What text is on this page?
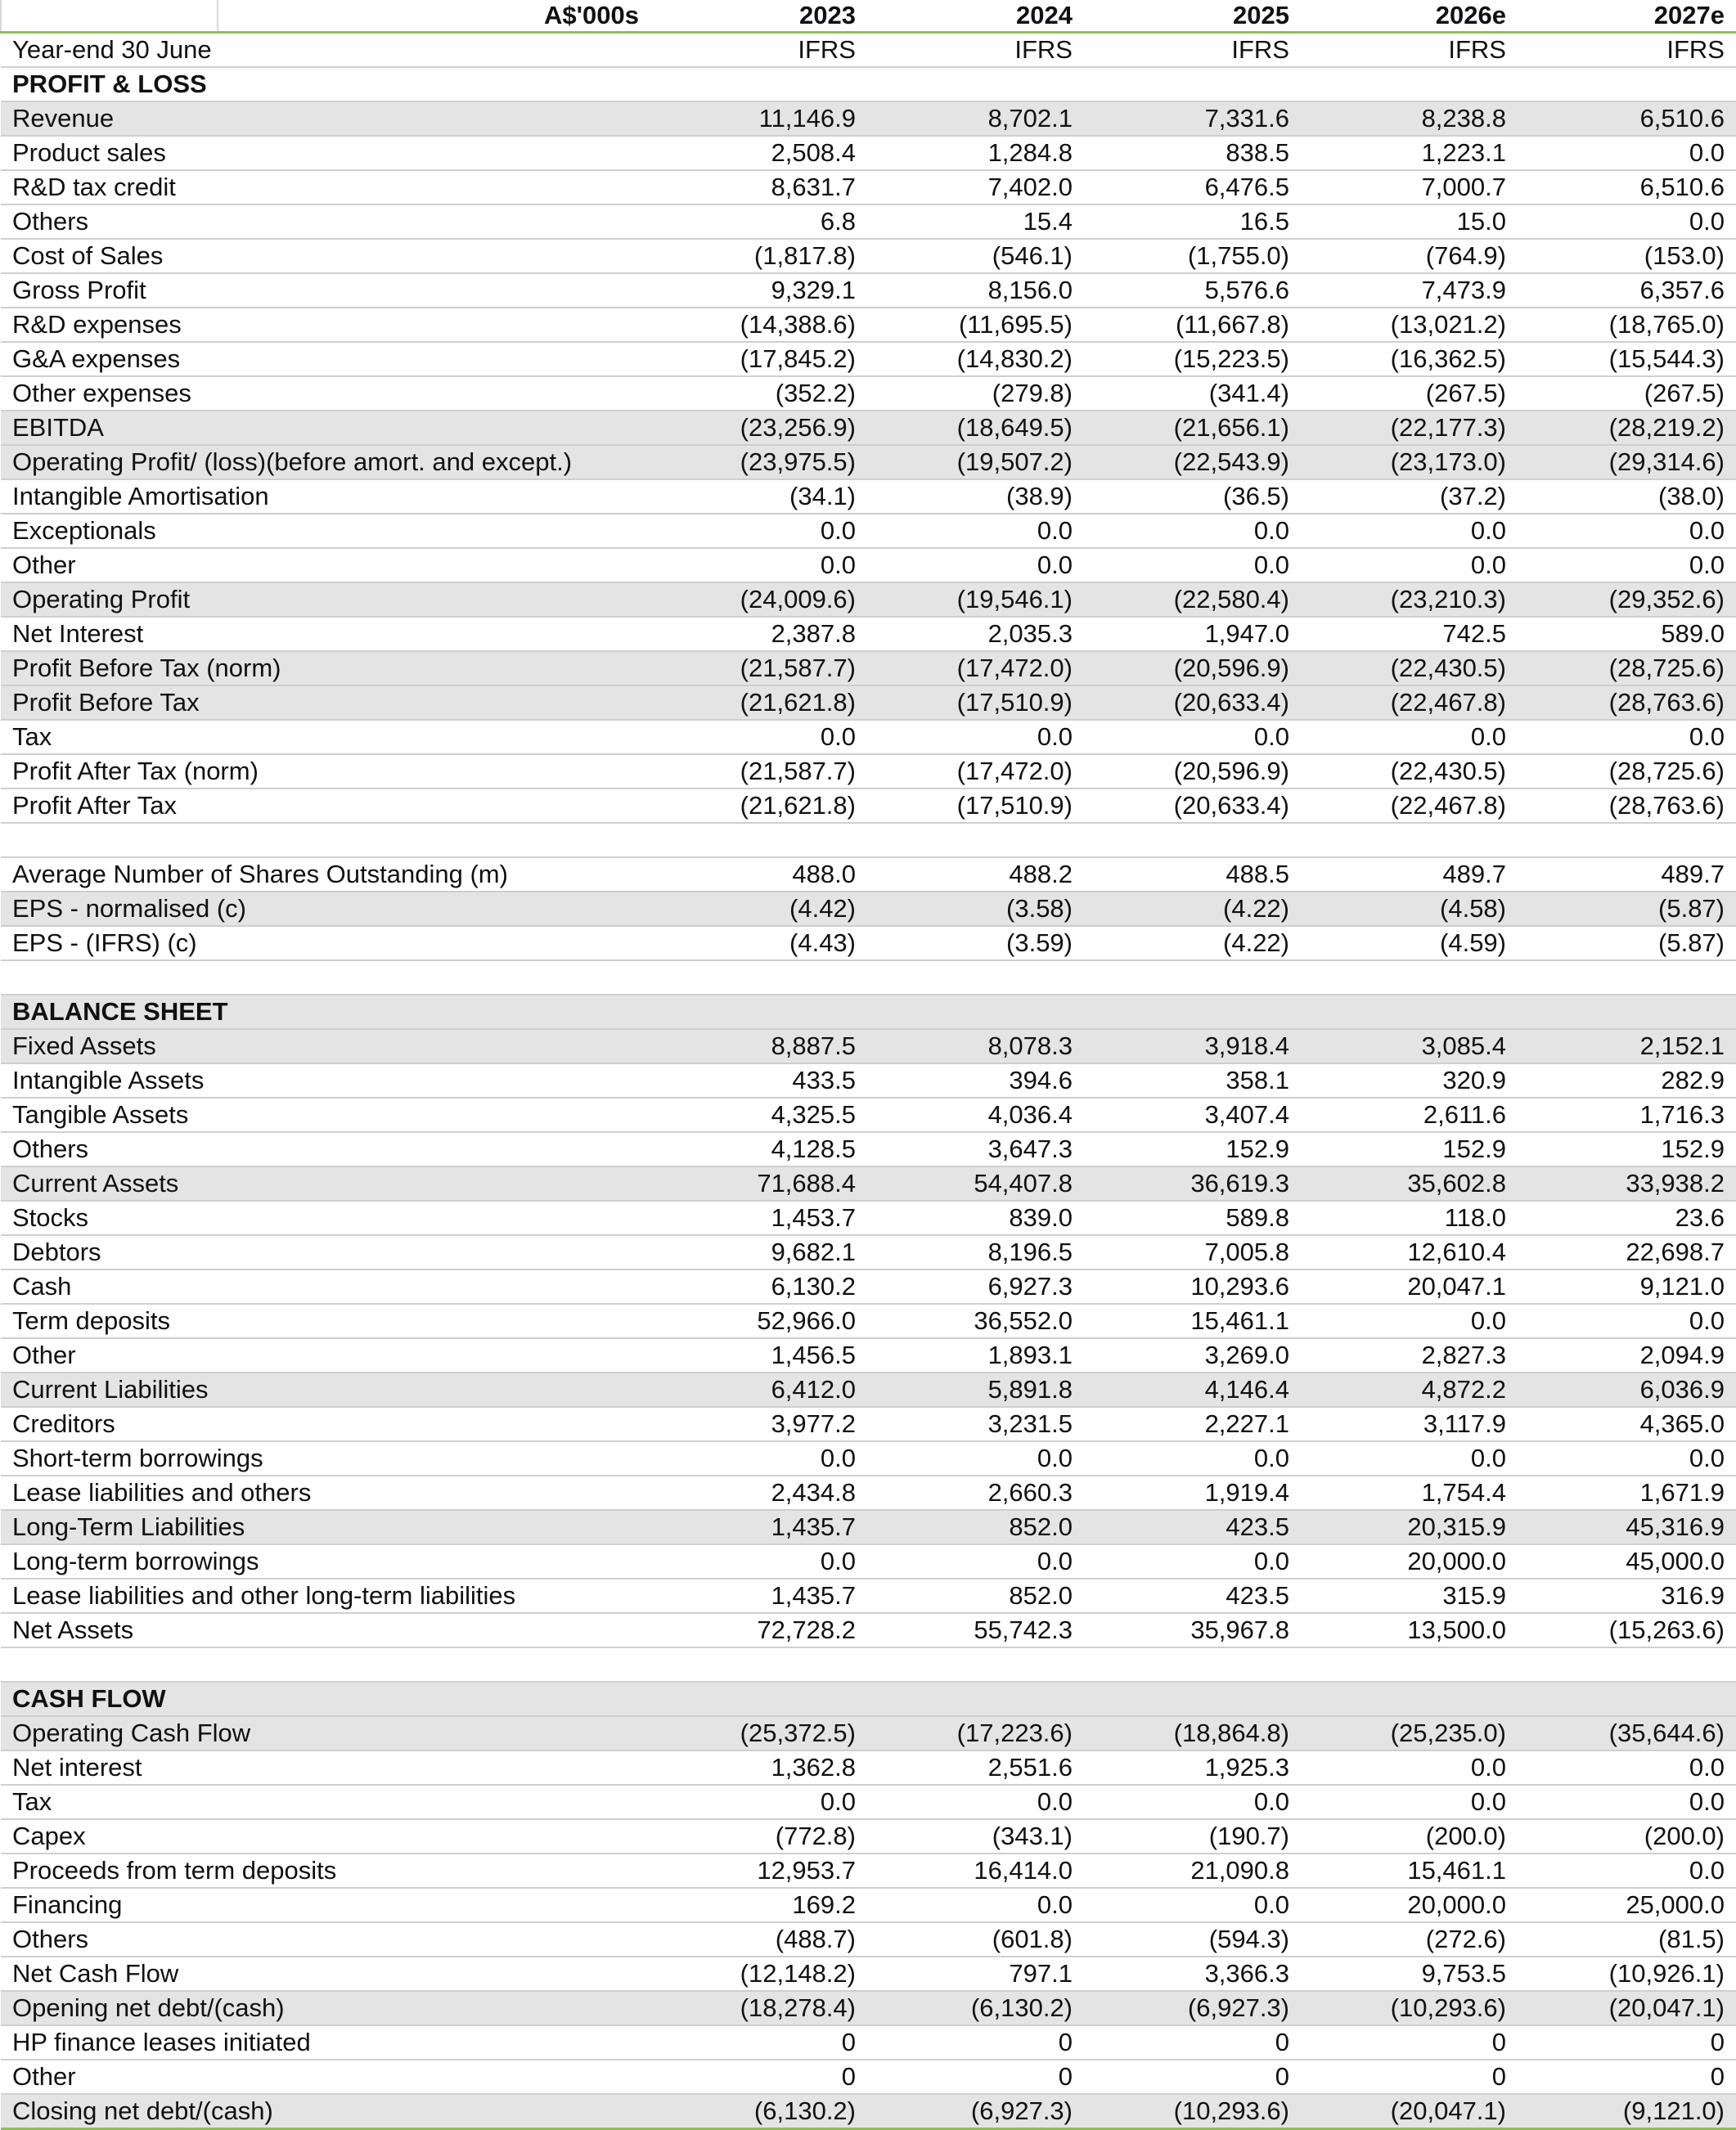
		A$'000s	2023	2024	2025	2026e	2027e
Year-end 30 June			IFRS	IFRS	IFRS	IFRS	IFRS
PROFIT & LOSS							
Revenue			11,146.9	8,702.1	7,331.6	8,238.8	6,510.6
Product sales			2,508.4	1,284.8	838.5	1,223.1	0.0
R&D tax credit			8,631.7	7,402.0	6,476.5	7,000.7	6,510.6
Others			6.8	15.4	16.5	15.0	0.0
Cost of Sales			(1,817.8)	(546.1)	(1,755.0)	(764.9)	(153.0)
Gross Profit			9,329.1	8,156.0	5,576.6	7,473.9	6,357.6
R&D expenses			(14,388.6)	(11,695.5)	(11,667.8)	(13,021.2)	(18,765.0)
G&A expenses			(17,845.2)	(14,830.2)	(15,223.5)	(16,362.5)	(15,544.3)
Other expenses			(352.2)	(279.8)	(341.4)	(267.5)	(267.5)
EBITDA			(23,256.9)	(18,649.5)	(21,656.1)	(22,177.3)	(28,219.2)
Operating Profit/ (loss)(before amort. and except.)			(23,975.5)	(19,507.2)	(22,543.9)	(23,173.0)	(29,314.6)
Intangible Amortisation			(34.1)	(38.9)	(36.5)	(37.2)	(38.0)
Exceptionals			0.0	0.0	0.0	0.0	0.0
Other			0.0	0.0	0.0	0.0	0.0
Operating Profit			(24,009.6)	(19,546.1)	(22,580.4)	(23,210.3)	(29,352.6)
Net Interest			2,387.8	2,035.3	1,947.0	742.5	589.0
Profit Before Tax (norm)			(21,587.7)	(17,472.0)	(20,596.9)	(22,430.5)	(28,725.6)
Profit Before Tax			(21,621.8)	(17,510.9)	(20,633.4)	(22,467.8)	(28,763.6)
Tax			0.0	0.0	0.0	0.0	0.0
Profit After Tax (norm)			(21,587.7)	(17,472.0)	(20,596.9)	(22,430.5)	(28,725.6)
Profit After Tax			(21,621.8)	(17,510.9)	(20,633.4)	(22,467.8)	(28,763.6)

Average Number of Shares Outstanding (m)			488.0	488.2	488.5	489.7	489.7
EPS - normalised (c)			(4.42)	(3.58)	(4.22)	(4.58)	(5.87)
EPS - (IFRS) (c)			(4.43)	(3.59)	(4.22)	(4.59)	(5.87)

BALANCE SHEET							
Fixed Assets			8,887.5	8,078.3	3,918.4	3,085.4	2,152.1
Intangible Assets			433.5	394.6	358.1	320.9	282.9
Tangible Assets			4,325.5	4,036.4	3,407.4	2,611.6	1,716.3
Others			4,128.5	3,647.3	152.9	152.9	152.9
Current Assets			71,688.4	54,407.8	36,619.3	35,602.8	33,938.2
Stocks			1,453.7	839.0	589.8	118.0	23.6
Debtors			9,682.1	8,196.5	7,005.8	12,610.4	22,698.7
Cash			6,130.2	6,927.3	10,293.6	20,047.1	9,121.0
Term deposits			52,966.0	36,552.0	15,461.1	0.0	0.0
Other			1,456.5	1,893.1	3,269.0	2,827.3	2,094.9
Current Liabilities			6,412.0	5,891.8	4,146.4	4,872.2	6,036.9
Creditors			3,977.2	3,231.5	2,227.1	3,117.9	4,365.0
Short-term borrowings			0.0	0.0	0.0	0.0	0.0
Lease liabilities and others			2,434.8	2,660.3	1,919.4	1,754.4	1,671.9
Long-Term Liabilities			1,435.7	852.0	423.5	20,315.9	45,316.9
Long-term borrowings			0.0	0.0	0.0	20,000.0	45,000.0
Lease liabilities and other long-term liabilities			1,435.7	852.0	423.5	315.9	316.9
Net Assets			72,728.2	55,742.3	35,967.8	13,500.0	(15,263.6)

CASH FLOW							
Operating Cash Flow			(25,372.5)	(17,223.6)	(18,864.8)	(25,235.0)	(35,644.6)
Net interest			1,362.8	2,551.6	1,925.3	0.0	0.0
Tax			0.0	0.0	0.0	0.0	0.0
Capex			(772.8)	(343.1)	(190.7)	(200.0)	(200.0)
Proceeds from term deposits			12,953.7	16,414.0	21,090.8	15,461.1	0.0
Financing			169.2	0.0	0.0	20,000.0	25,000.0
Others			(488.7)	(601.8)	(594.3)	(272.6)	(81.5)
Net Cash Flow			(12,148.2)	797.1	3,366.3	9,753.5	(10,926.1)
Opening net debt/(cash)			(18,278.4)	(6,130.2)	(6,927.3)	(10,293.6)	(20,047.1)
HP finance leases initiated			0	0	0	0	0
Other			0	0	0	0	0
Closing net debt/(cash)			(6,130.2)	(6,927.3)	(10,293.6)	(20,047.1)	(9,121.0)
